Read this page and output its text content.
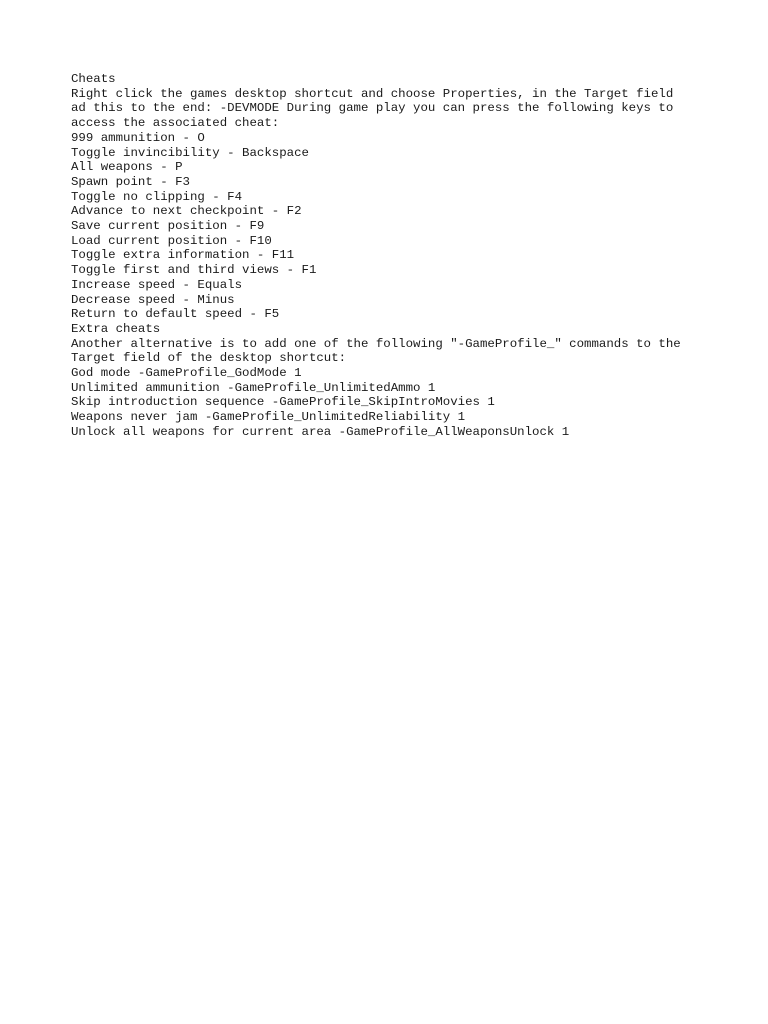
Cheats
Right click the games desktop shortcut and choose Properties, in the Target field
ad this to the end: -DEVMODE During game play you can press the following keys to
access the associated cheat:
999 ammunition - O
Toggle invincibility - Backspace
All weapons - P
Spawn point - F3
Toggle no clipping - F4
Advance to next checkpoint - F2
Save current position - F9
Load current position - F10
Toggle extra information - F11
Toggle first and third views - F1
Increase speed - Equals
Decrease speed - Minus
Return to default speed - F5
Extra cheats
Another alternative is to add one of the following "-GameProfile_" commands to the
Target field of the desktop shortcut:
God mode -GameProfile_GodMode 1
Unlimited ammunition -GameProfile_UnlimitedAmmo 1
Skip introduction sequence -GameProfile_SkipIntroMovies 1
Weapons never jam -GameProfile_UnlimitedReliability 1
Unlock all weapons for current area -GameProfile_AllWeaponsUnlock 1
